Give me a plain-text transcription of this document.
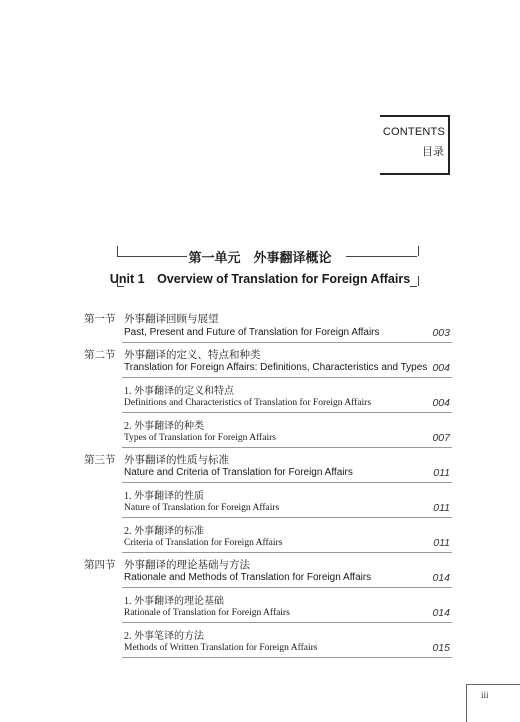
CONTENTS
目录
第一单元　外事翻译概论
Unit 1　Overview of Translation for Foreign Affairs
第一节 外事翻译回顾与展望
Past, Present and Future of Translation for Foreign Affairs	003
第二节 外事翻译的定义、特点和种类
Translation for Foreign Affairs: Definitions, Characteristics and Types 004
1. 外事翻译的定义和特点
Definitions and Characteristics of Translation for Foreign Affairs	004
2. 外事翻译的种类
Types of Translation for Foreign Affairs	007
第三节 外事翻译的性质与标准
Nature and Criteria of Translation for Foreign Affairs	011
1. 外事翻译的性质
Nature of Translation for Foreign Affairs	011
2. 外事翻译的标准
Criteria of Translation for Foreign Affairs	011
第四节 外事翻译的理论基础与方法
Rationale and Methods of Translation for Foreign Affairs	014
1. 外事翻译的理论基础
Rationale of Translation for Foreign Affairs	014
2. 外事笔译的方法
Methods of Written Translation for Foreign Affairs	015
iii
